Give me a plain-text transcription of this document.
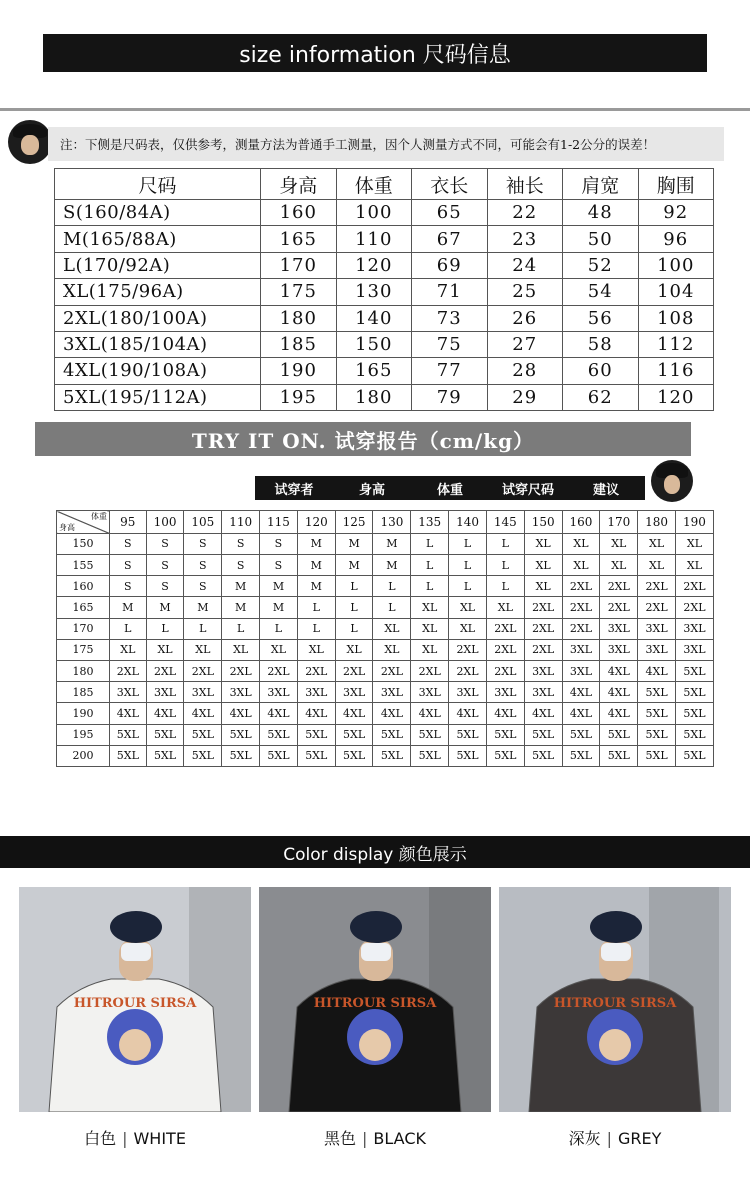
size information 尺码信息
注：下侧是尺码表，仅供参考，测量方法为普通手工测量，因个人测量方式不同，可能会有1-2公分的误差！
尺码	身高	体重	衣长	袖长	肩宽	胸围
S(160/84A)	160	100	65	22	48	92
M(165/88A)	165	110	67	23	50	96
L(170/92A)	170	120	69	24	52	100
XL(175/96A)	175	130	71	25	54	104
2XL(180/100A)	180	140	73	26	56	108
3XL(185/104A)	185	150	75	27	58	112
4XL(190/108A)	190	165	77	28	60	116
5XL(195/112A)	195	180	79	29	62	120
TRY IT ON. 试穿报告（cm/kg）
试穿者	身高	体重	试穿尺码	建议
体重
身高	95	100	105	110	115	120	125	130	135	140	145	150	160	170	180	190
150	S	S	S	S	S	M	M	M	L	L	L	XL	XL	XL	XL	XL
155	S	S	S	S	S	M	M	M	L	L	L	XL	XL	XL	XL	XL
160	S	S	S	M	M	M	L	L	L	L	L	XL	2XL	2XL	2XL	2XL
165	M	M	M	M	M	L	L	L	XL	XL	XL	2XL	2XL	2XL	2XL	2XL
170	L	L	L	L	L	L	L	XL	XL	XL	2XL	2XL	2XL	3XL	3XL	3XL
175	XL	XL	XL	XL	XL	XL	XL	XL	XL	2XL	2XL	2XL	3XL	3XL	3XL	3XL
180	2XL	2XL	2XL	2XL	2XL	2XL	2XL	2XL	2XL	2XL	2XL	3XL	3XL	4XL	4XL	5XL
185	3XL	3XL	3XL	3XL	3XL	3XL	3XL	3XL	3XL	3XL	3XL	3XL	4XL	4XL	5XL	5XL
190	4XL	4XL	4XL	4XL	4XL	4XL	4XL	4XL	4XL	4XL	4XL	4XL	4XL	4XL	5XL	5XL
195	5XL	5XL	5XL	5XL	5XL	5XL	5XL	5XL	5XL	5XL	5XL	5XL	5XL	5XL	5XL	5XL
200	5XL	5XL	5XL	5XL	5XL	5XL	5XL	5XL	5XL	5XL	5XL	5XL	5XL	5XL	5XL	5XL
Color display 颜色展示
HITROUR SIRSA
白色 | WHITE
HITROUR SIRSA
黑色 | BLACK
HITROUR SIRSA
深灰 | GREY
